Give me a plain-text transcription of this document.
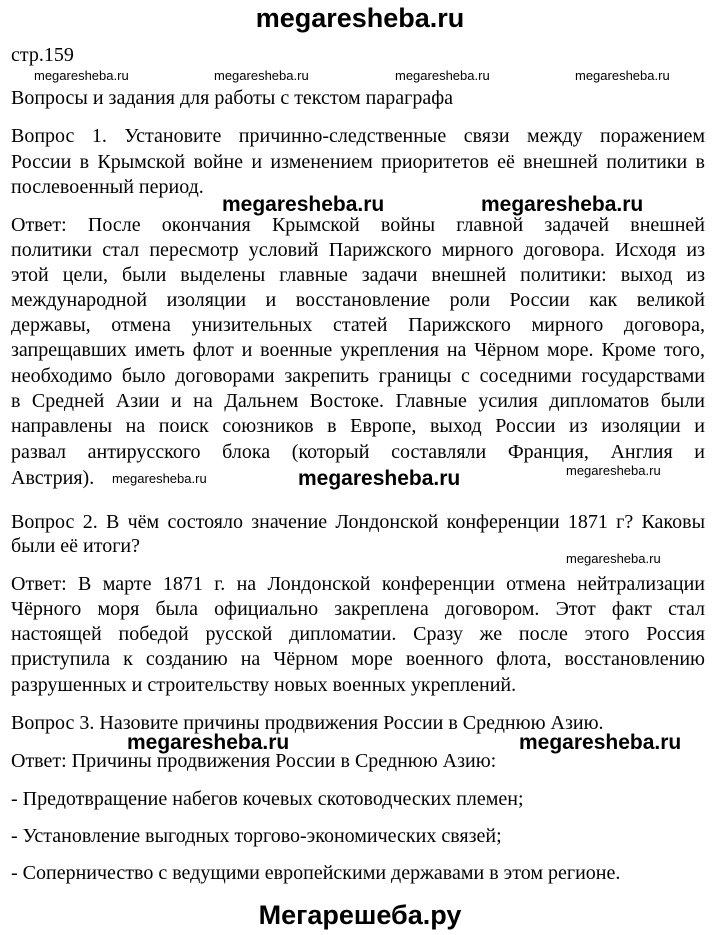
megaresheba.ru
Мегарешеба.ру
стр.159
megaresheba.ru	megaresheba.ru	megaresheba.ru	megaresheba.ru
Вопросы и задания для работы с текстом параграфа
Вопрос 1. Установите причинно-следственные связи между поражением
России в Крымской войне и изменением приоритетов её внешней политики в
послевоенный период.
megaresheba.ru	megaresheba.ru
Ответ: После окончания Крымской войны главной задачей внешней
политики стал пересмотр условий Парижского мирного договора. Исходя из
этой цели, были выделены главные задачи внешней политики: выход из
международной изоляции и восстановление роли России как великой
державы, отмена унизительных статей Парижского мирного договора,
запрещавших иметь флот и военные укрепления на Чёрном море. Кроме того,
необходимо было договорами закрепить границы с соседними государствами
в Средней Азии и на Дальнем Востоке. Главные усилия дипломатов были
направлены на поиск союзников в Европе, выход России из изоляции и
развал антирусского блока (который составляли Франция, Англия и
Австрия).	megaresheba.ru
megaresheba.ru	megaresheba.ru
Вопрос 2. В чём состояло значение Лондонской конференции 1871 г? Каковы
были её итоги?
megaresheba.ru
Ответ: В марте 1871 г. на Лондонской конференции отмена нейтрализации
Чёрного моря была официально закреплена договором. Этот факт стал
настоящей победой русской дипломатии. Сразу же после этого Россия
приступила к созданию на Чёрном море военного флота, восстановлению
разрушенных и строительству новых военных укреплений.
Вопрос 3. Назовите причины продвижения России в Среднюю Азию.
megaresheba.ru	megaresheba.ru
Ответ: Причины продвижения России в Среднюю Азию:
- Предотвращение набегов кочевых скотоводческих племен;
- Установление выгодных торгово-экономических связей;
- Соперничество с ведущими европейскими державами в этом регионе.
